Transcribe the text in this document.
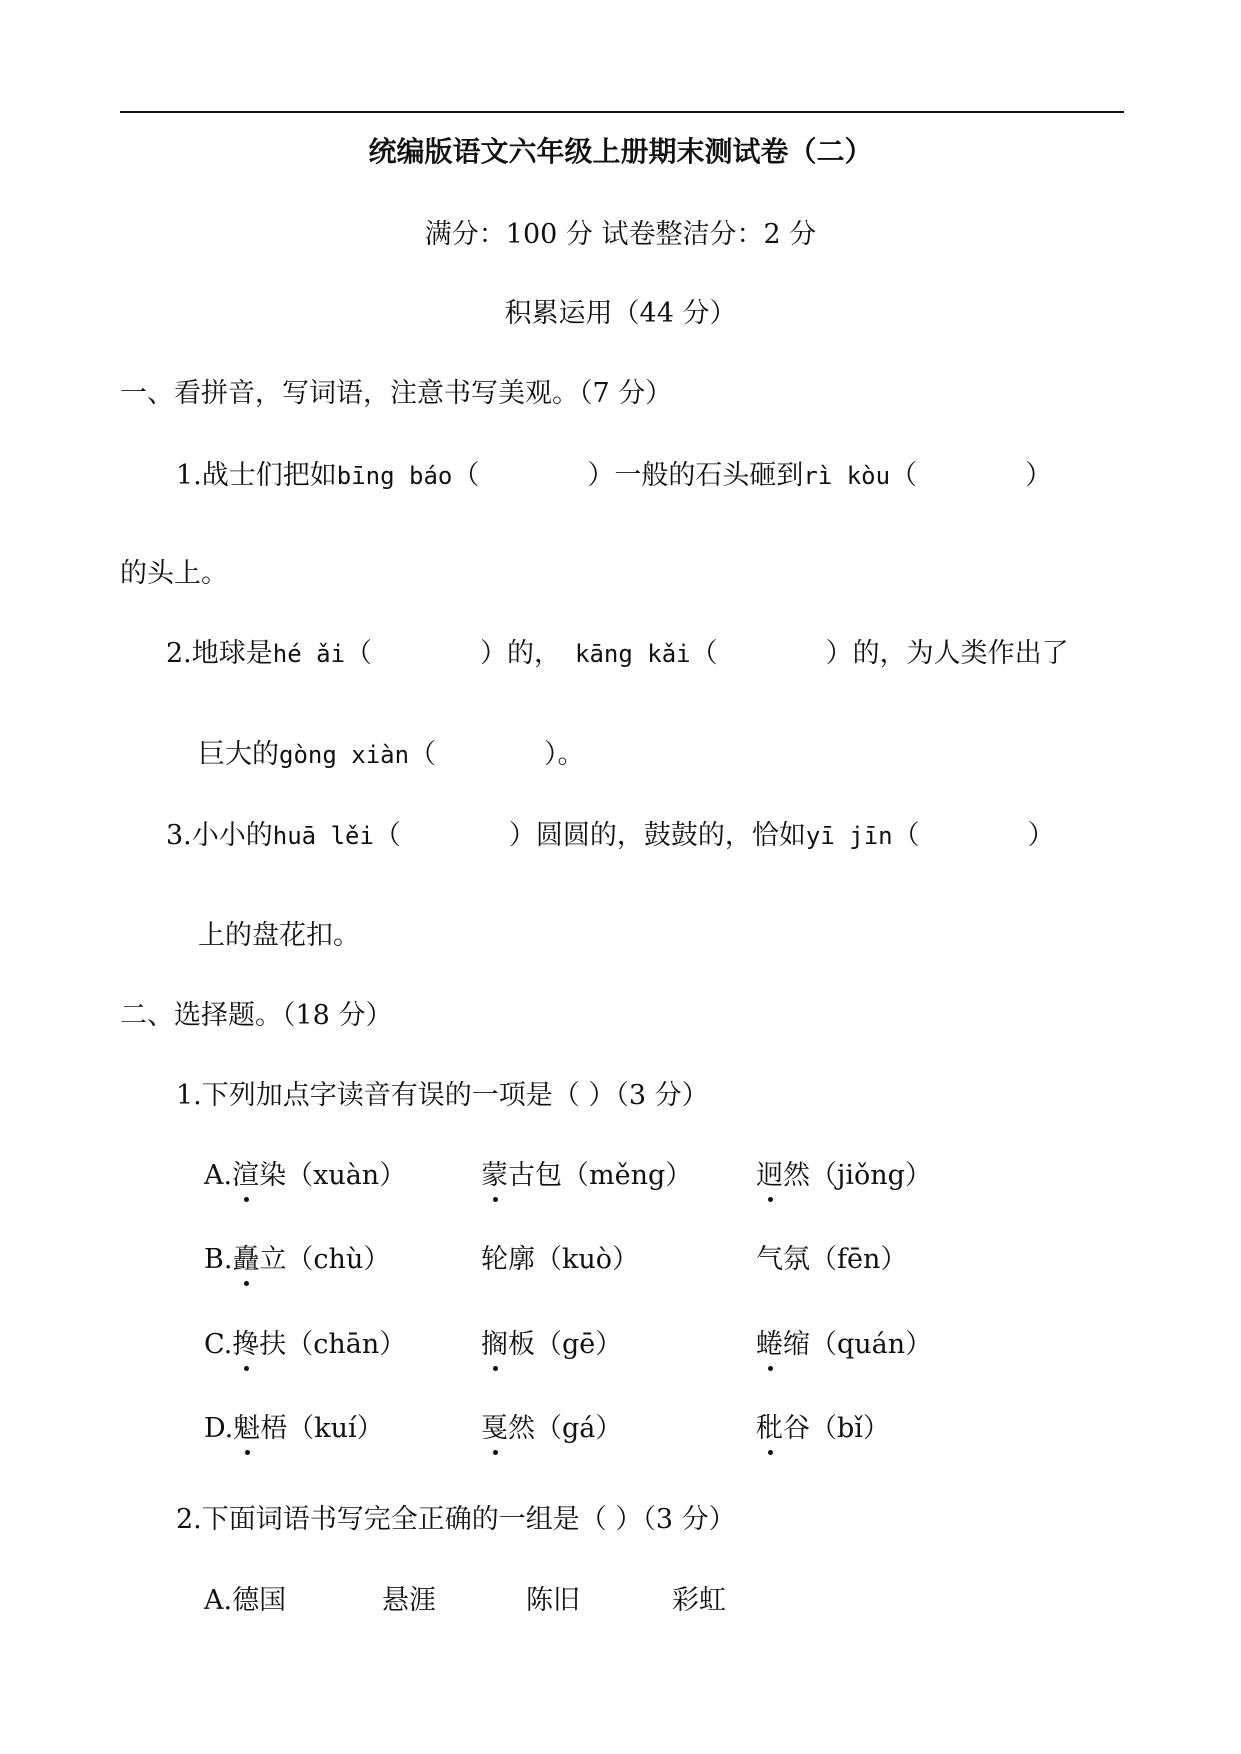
统编版语文六年级上册期末测试卷（二）
满分：100 分 试卷整洁分：2 分
积累运用（44 分）
一、看拼音，写词语，注意书写美观。（7 分）
1.战士们把如bīng báo（	）一般的石头砸到rì kòu（	）
的头上。
2.地球是hé ǎi（	）的， kāng kǎi（	）的，为人类作出了
巨大的gòng xiàn（	）。
3.小小的huā lěi（	）圆圆的，鼓鼓的，恰如yī jīn（	）
上的盘花扣。
二、选择题。（18 分）
1.下列加点字读音有误的一项是（ ）（3 分）
A.渲染（xuàn）	蒙古包（měng） 迥然（jiǒng）
B.矗立（chù）	轮廓（kuò）	气氛（fēn）
C.搀扶（chān）	搁板（gē）	蜷缩（quán）
D.魁梧（kuí）	戛然（gá）	秕谷（bǐ）
2.下面词语书写完全正确的一组是（ ）（3 分）
A.德国	悬涯	陈旧	彩虹
